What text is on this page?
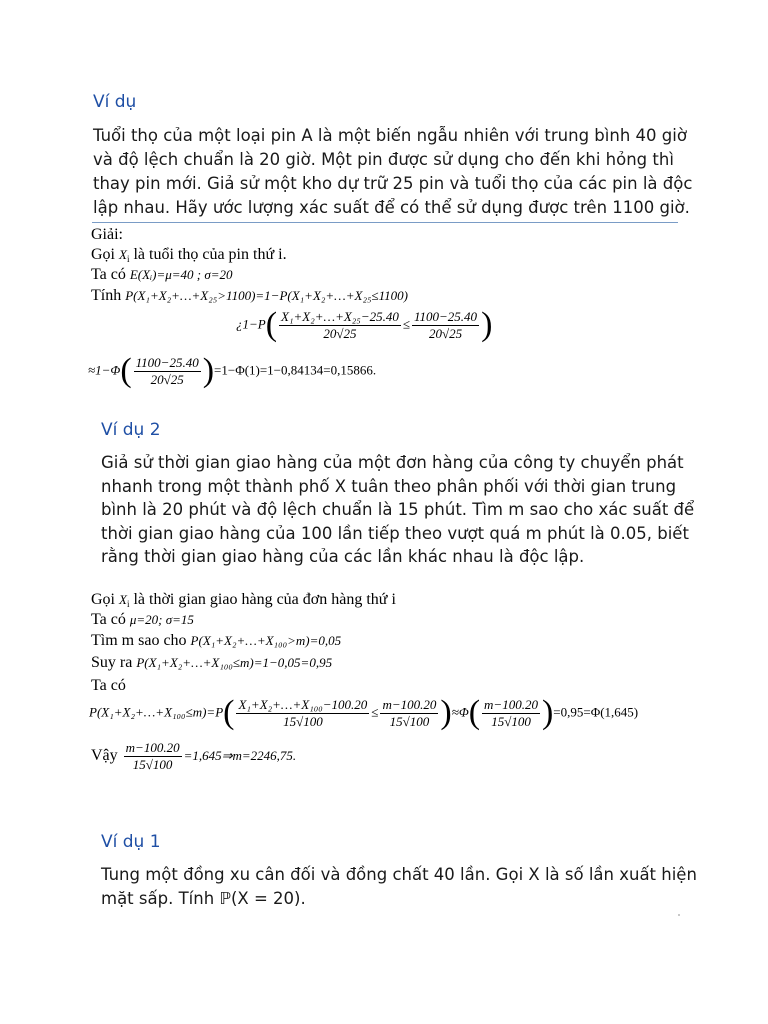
Ví dụ

Tuổi thọ của một loại pin A là một biến ngẫu nhiên với trung bình 40 giờ

và độ lệch chuẩn là 20 giờ. Một pin được sử dụng cho đến khi hỏng thì

thay pin mới. Giả sử một kho dự trữ 25 pin và tuổi thọ của các pin là độc

lập nhau. Hãy ước lượng xác suất để có thể sử dụng được trên 1100 giờ.

Giải:
Gọi $X_i$ là tuổi thọ của pin thứ i.
Ta có E(Xᵢ)=μ=40 ; σ=20
Tính P(X₁+X₂+…+X₂₅>1100)=1−P(X₁+X₂+…+X₂₅≤1100)
¿$1-P( \frac{\text{X₁+X₂+…+X₂₅−25.40}}{20√25} \le \frac{1100-25.40}{20√25}$ )
$\approx 1-\Phi( \frac{1100-25.40}{20√25} )=1-\Phi(1)=1-0,84134=0,15866$.
Ví dụ 2

Giả sử thời gian giao hàng của một đơn hàng của công ty chuyển phát

nhanh trong một thành phố X tuân theo phân phối với thời gian trung

bình là 20 phút và độ lệch chuẩn là 15 phút. Tìm m sao cho xác suất để

thời gian giao hàng của 100 lần tiếp theo vượt quá m phút là 0.05, biết

rằng thời gian giao hàng của các lần khác nhau là độc lập.

Gọi $X_i$ là thời gian giao hàng của đơn hàng thứ i
Ta có μ=20; σ=15
Tìm m sao cho P(X₁+X₂+…+X₁₀₀>m)=0,05
Suy ra P(X₁+X₂+…+X₁₀₀≤m)=1−0,05=0,95
Ta có
P(X₁+X₂+…+X₁₀₀≤m)=P( $\frac{\text{X₁+X₂+…+X₁₀₀−100.20}}{15√100} \le \frac{m-100.20}{15√100} )\approx\Phi( \frac{m-100.20}{15√100} )=0,95=\Phi(1,645)$
Vậy $\frac{m-100.20}{15√100}$ =1,645⇒m=2246,75.
Ví dụ 1

Tung một đồng xu cân đối và đồng chất 40 lần. Gọi X là số lần xuất hiện

mặt sấp. Tính ℙ(X = 20).
